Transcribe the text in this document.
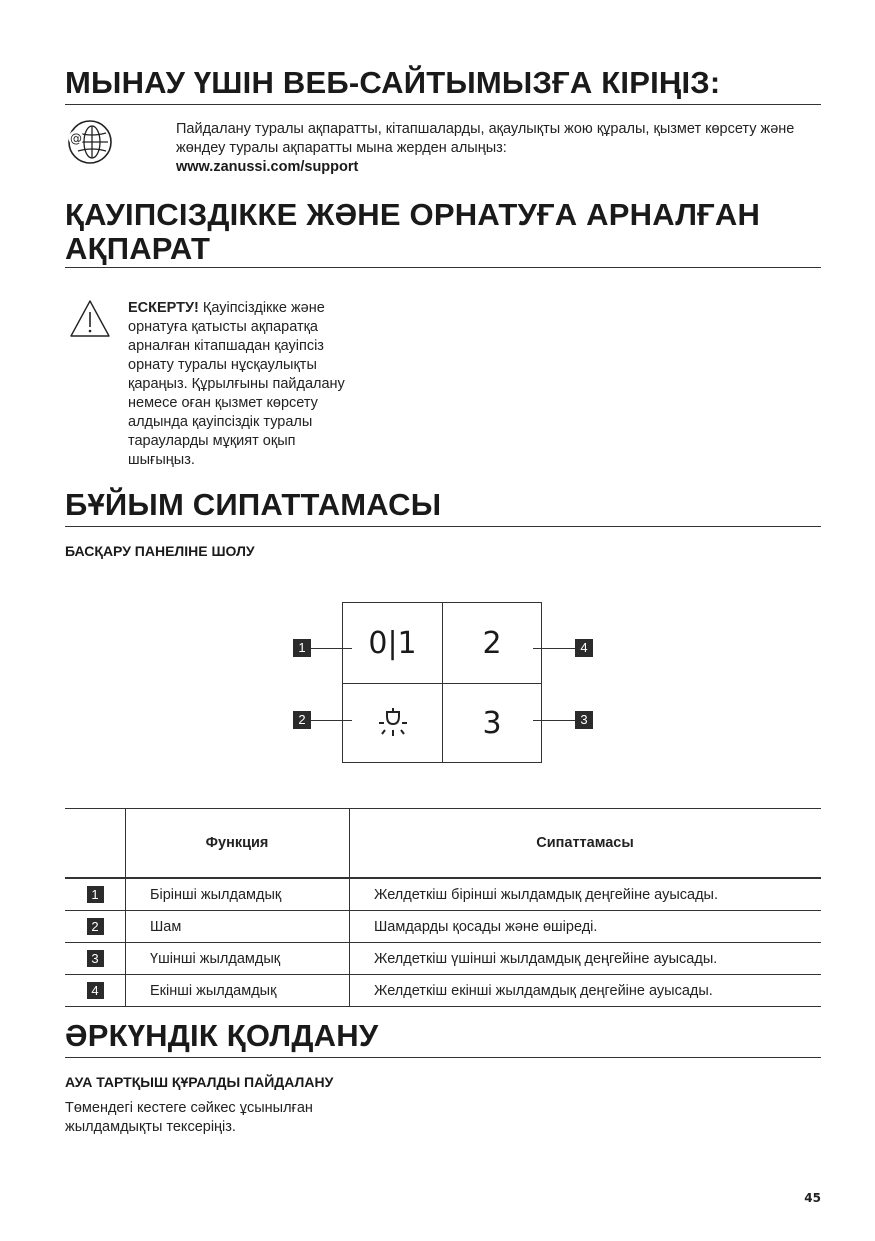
МЫНАУ ҮШІН ВЕБ-САЙТЫМЫЗҒА КІРІҢІЗ:
@
Пайдалану туралы ақпаратты, кітапшаларды, ақаулықты жою құралы, қызмет көрсету және жөндеу туралы ақпаратты мына жерден алыңыз:
www.zanussi.com/support
ҚАУІПСІЗДІККЕ ЖӘНЕ ОРНАТУҒА АРНАЛҒАН
АҚПАРАТ
ЕСКЕРТУ! Қауіпсіздікке және
орнатуға қатысты ақпаратқа
арналған кітапшадан қауіпсіз
орнату туралы нұсқаулықты
қараңыз. Құрылғыны пайдалану
немесе оған қызмет көрсету
алдында қауіпсіздік туралы
тарауларды мұқият оқып
шығыңыз.
БҰЙЫМ СИПАТТАМАСЫ
БАСҚАРУ ПАНЕЛІНЕ ШОЛУ
0|1	2
3
1
2	3
4
	Функция	Сипаттамасы
1	Бірінші жылдамдық	Желдеткіш бірінші жылдамдық деңгейіне ауысады.
2	Шам	Шамдарды қосады және өшіреді.
3	Үшінші жылдамдық	Желдеткіш үшінші жылдамдық деңгейіне ауысады.
4	Екінші жылдамдық	Желдеткіш екінші жылдамдық деңгейіне ауысады.
ӘРКҮНДІК ҚОЛДАНУ
АУА ТАРТҚЫШ ҚҰРАЛДЫ ПАЙДАЛАНУ
Төмендегі кестеге сәйкес ұсынылған
жылдамдықты тексеріңіз.
45
